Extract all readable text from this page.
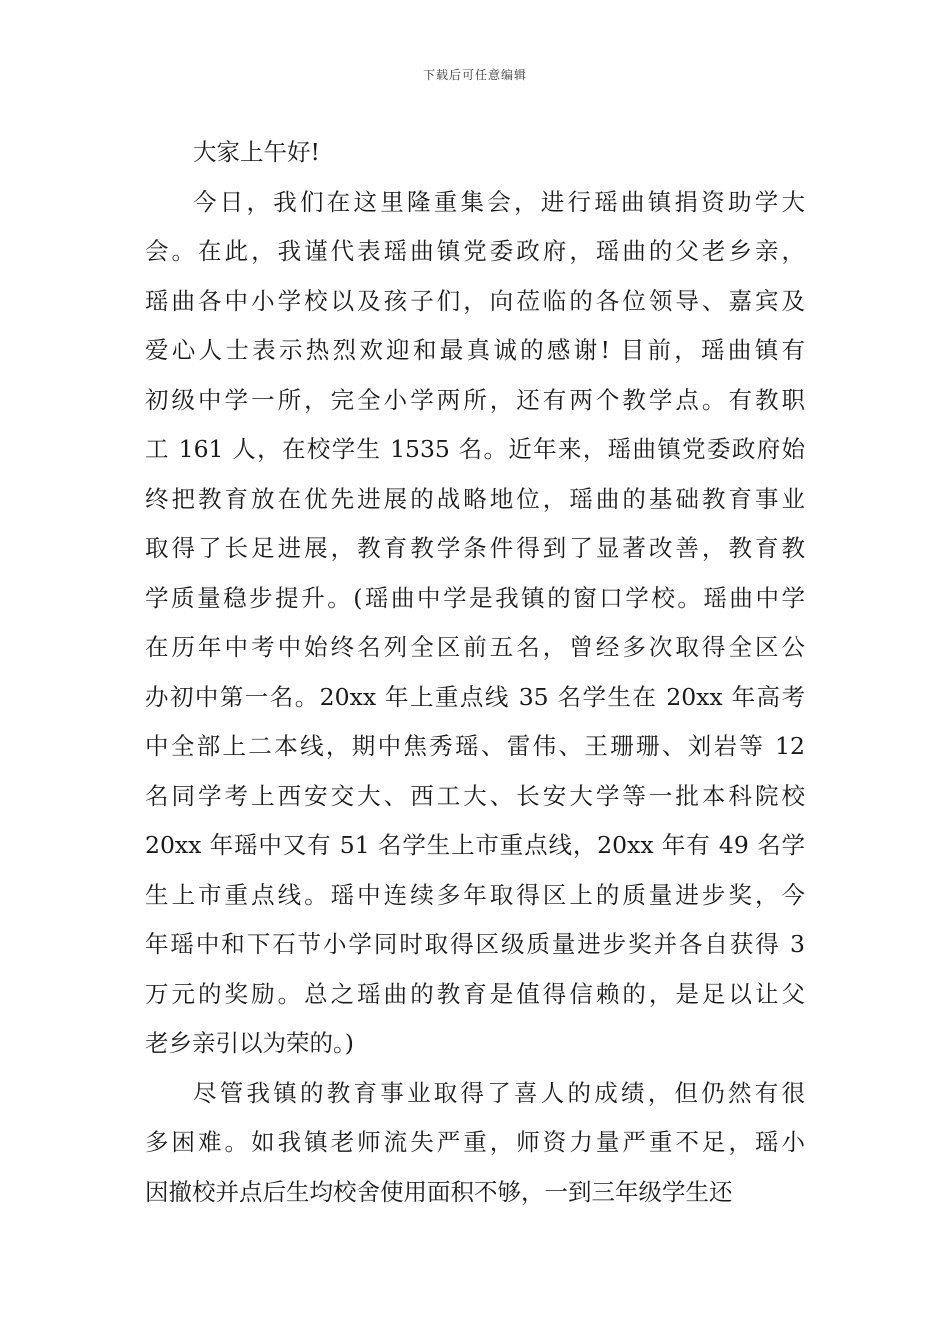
下载后可任意编辑
大家上午好!
今日，我们在这里隆重集会，进行瑶曲镇捐资助学大
会。在此，我谨代表瑶曲镇党委政府，瑶曲的父老乡亲，
瑶曲各中小学校以及孩子们，向莅临的各位领导、嘉宾及
爱心人士表示热烈欢迎和最真诚的感谢! 目前，瑶曲镇有
初级中学一所，完全小学两所，还有两个教学点。有教职
工 161 人，在校学生 1535 名。近年来，瑶曲镇党委政府始
终把教育放在优先进展的战略地位，瑶曲的基础教育事业
取得了长足进展，教育教学条件得到了显著改善，教育教
学质量稳步提升。(瑶曲中学是我镇的窗口学校。瑶曲中学
在历年中考中始终名列全区前五名，曾经多次取得全区公
办初中第一名。20xx 年上重点线 35 名学生在 20xx 年高考
中全部上二本线，期中焦秀瑶、雷伟、王珊珊、刘岩等 12
名同学考上西安交大、西工大、长安大学等一批本科院校
20xx 年瑶中又有 51 名学生上市重点线，20xx 年有 49 名学
生上市重点线。瑶中连续多年取得区上的质量进步奖，今
年瑶中和下石节小学同时取得区级质量进步奖并各自获得 3
万元的奖励。总之瑶曲的教育是值得信赖的，是足以让父
老乡亲引以为荣的。)
尽管我镇的教育事业取得了喜人的成绩，但仍然有很
多困难。如我镇老师流失严重，师资力量严重不足，瑶小
因撤校并点后生均校舍使用面积不够，一到三年级学生还
